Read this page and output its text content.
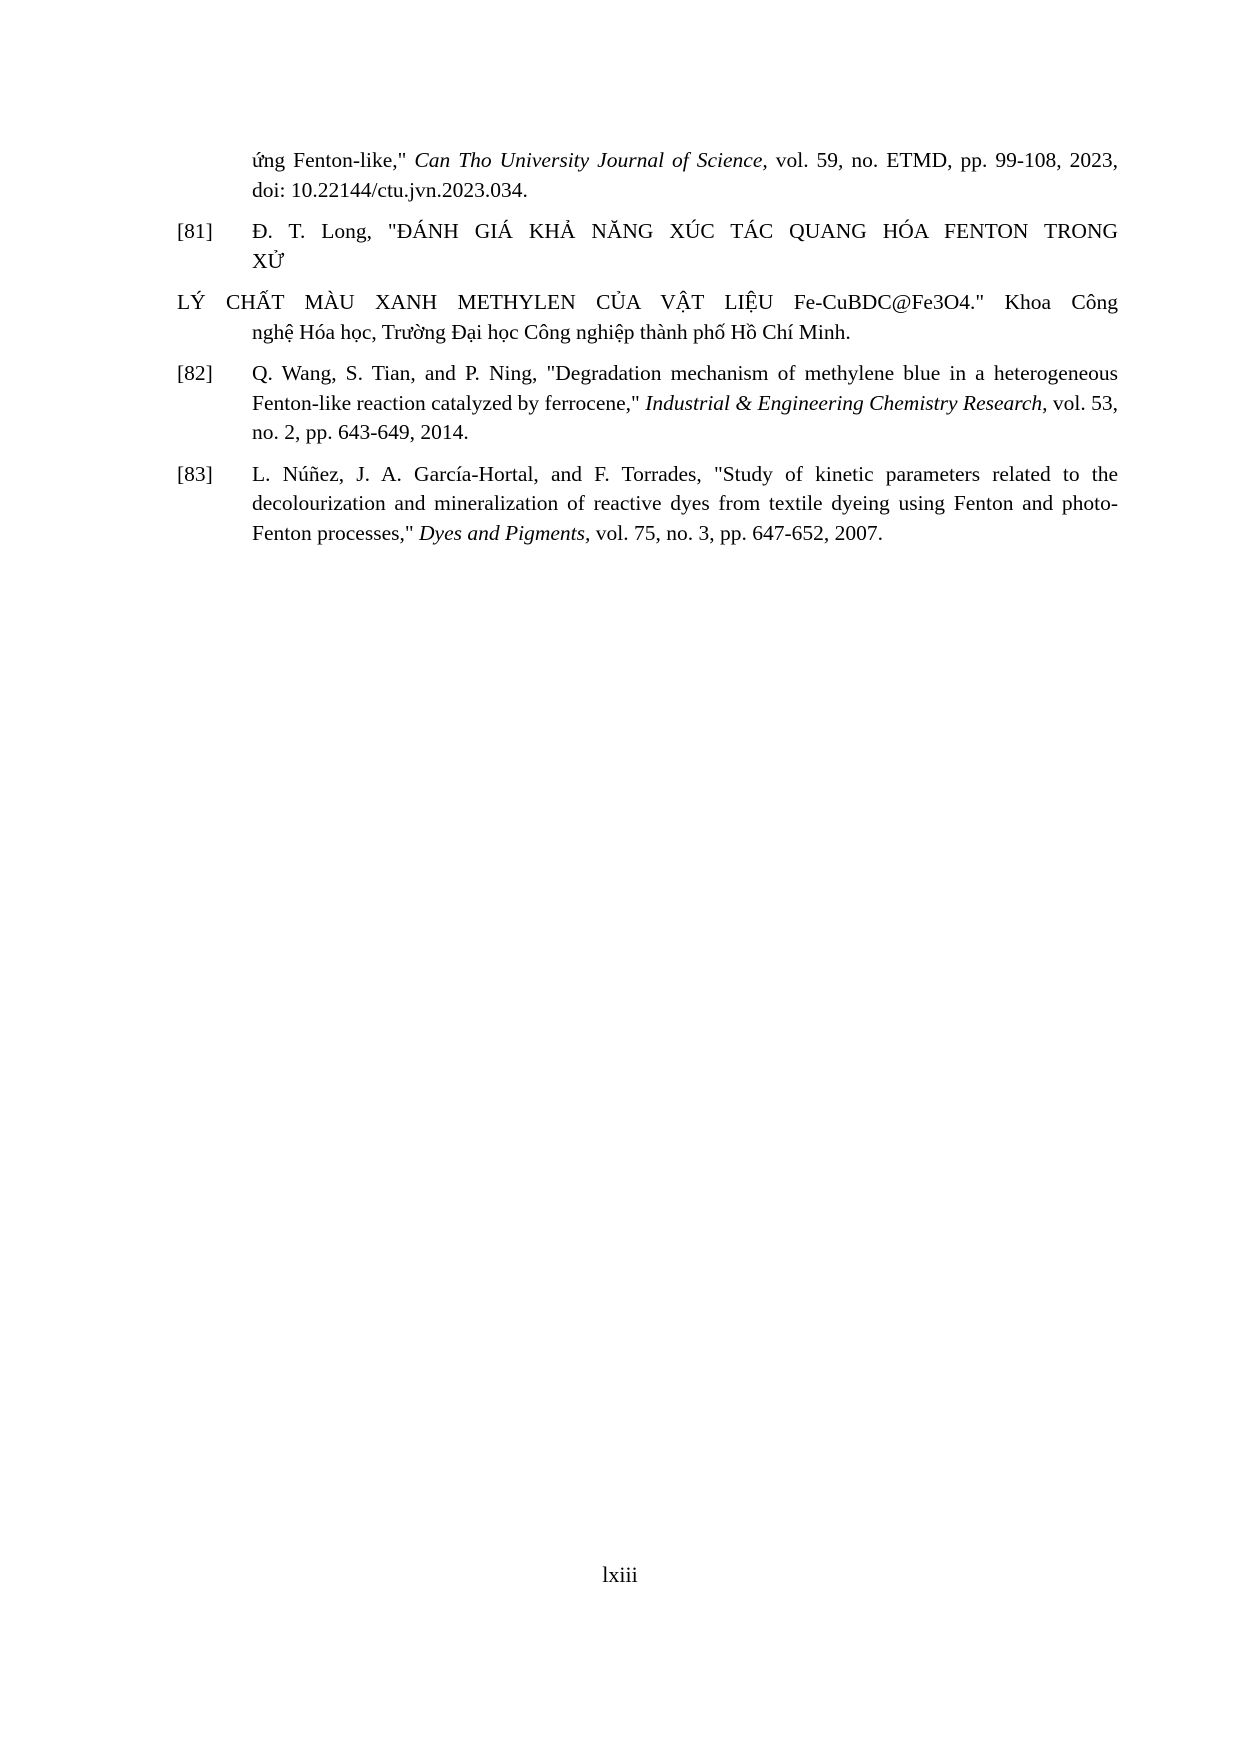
ứng Fenton-like," Can Tho University Journal of Science, vol. 59, no. ETMD, pp. 99-108, 2023, doi: 10.22144/ctu.jvn.2023.034.
[81] Đ. T. Long, "ĐÁNH GIÁ KHẢ NĂNG XÚC TÁC QUANG HÓA FENTON TRONG
XỬ
LÝ CHẤT MÀU XANH METHYLEN CỦA VẬT LIỆU Fe-CuBDC@Fe3O4." Khoa Công
nghệ Hóa học, Trường Đại học Công nghiệp thành phố Hồ Chí Minh.
[82] Q. Wang, S. Tian, and P. Ning, "Degradation mechanism of methylene blue in a heterogeneous Fenton-like reaction catalyzed by ferrocene," Industrial & Engineering Chemistry Research, vol. 53, no. 2, pp. 643-649, 2014.
[83] L. Núñez, J. A. García-Hortal, and F. Torrades, "Study of kinetic parameters related to the decolourization and mineralization of reactive dyes from textile dyeing using Fenton and photo-Fenton processes," Dyes and Pigments, vol. 75, no. 3, pp. 647-652, 2007.
lxiii
